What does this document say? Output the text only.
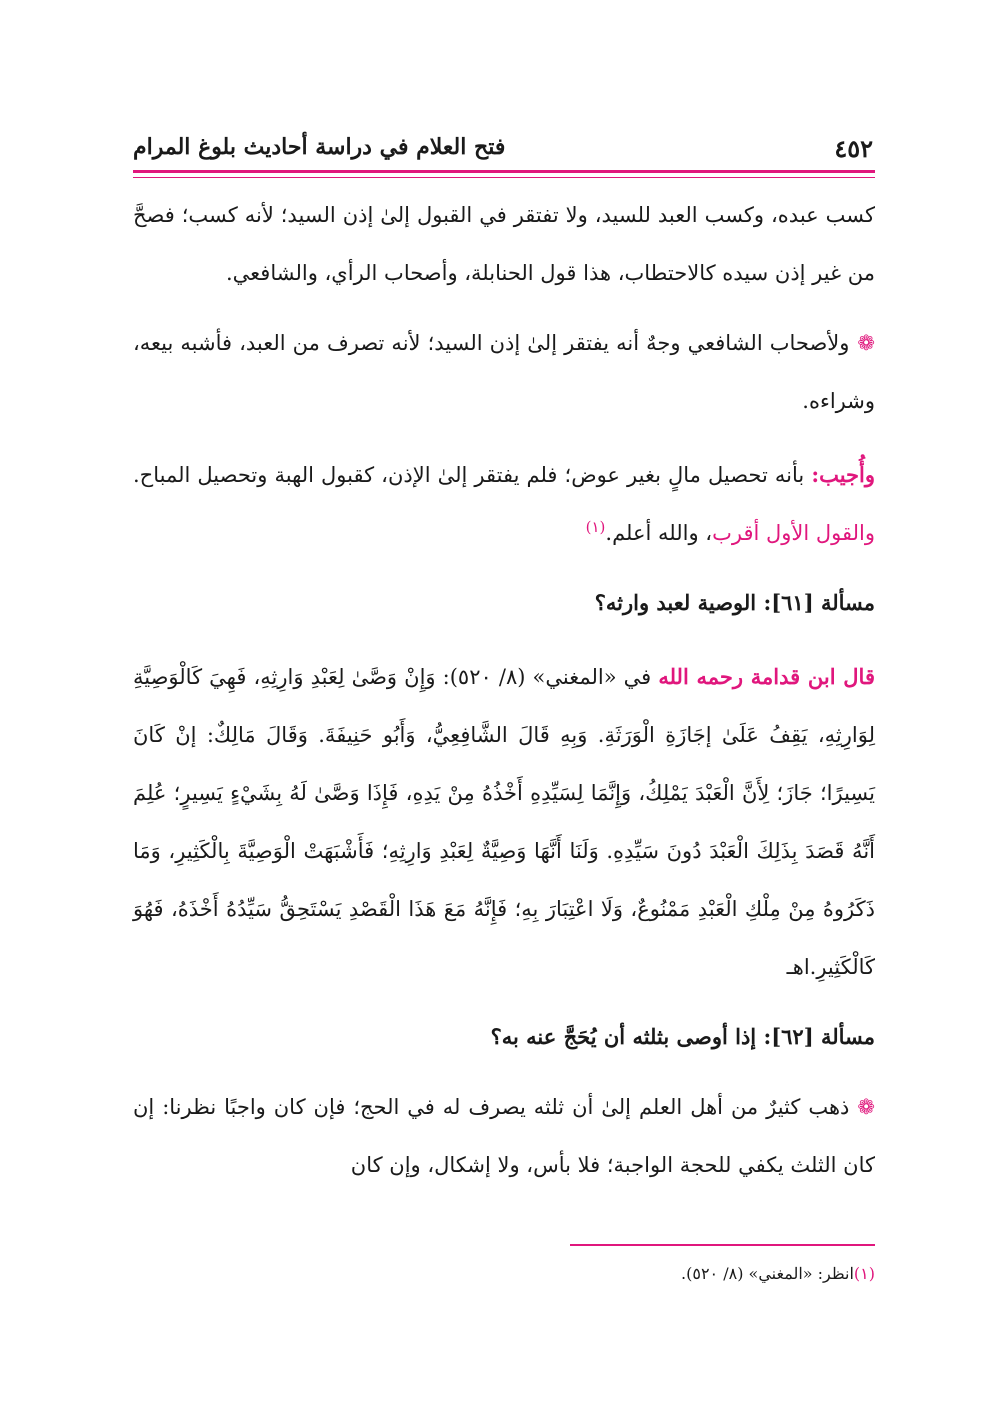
٤٥٢
فتح العلام في دراسة أحاديث بلوغ المرام

كسب عبده، وكسب العبد للسيد، ولا تفتقر في القبول إلىٰ إذن السيد؛ لأنه كسب؛ فصحَّ من غير إذن سيده كالاحتطاب، هذا قول الحنابلة، وأصحاب الرأي، والشافعي.

❁ولأصحاب الشافعي وجهٌ أنه يفتقر إلىٰ إذن السيد؛ لأنه تصرف من العبد، فأشبه بيعه، وشراءه.

وأُجيب: بأنه تحصيل مالٍ بغير عوض؛ فلم يفتقر إلىٰ الإذن، كقبول الهبة وتحصيل المباح. والقول الأول أقرب، والله أعلم.$^{(١)}$

مسألة [٦١]: الوصية لعبد وارثه؟

قال ابن قدامة رحمه الله في «المغني» (٨/ ٥٢٠): وَإِنْ وَصَّىٰ لِعَبْدِ وَارِثِهِ، فَهِيَ كَالْوَصِيَّةِ لِوَارِثِهِ، يَقِفُ عَلَىٰ إجَازَةِ الْوَرَثَةِ. وَبِهِ قَالَ الشَّافِعِيُّ، وَأَبُو حَنِيفَةَ. وَقَالَ مَالِكٌ: إنْ كَانَ يَسِيرًا؛ جَازَ؛ لِأَنَّ الْعَبْدَ يَمْلِكُ، وَإِنَّمَا لِسَيِّدِهِ أَخْذُهُ مِنْ يَدِهِ، فَإِذَا وَصَّىٰ لَهُ بِشَيْءٍ يَسِيرٍ؛ عُلِمَ أَنَّهُ قَصَدَ بِذَلِكَ الْعَبْدَ دُونَ سَيِّدِهِ. وَلَنَا أَنَّهَا وَصِيَّةٌ لِعَبْدِ وَارِثِهِ؛ فَأَشْبَهَتْ الْوَصِيَّةَ بِالْكَثِيرِ، وَمَا ذَكَرُوهُ مِنْ مِلْكِ الْعَبْدِ مَمْنُوعٌ، وَلَا اعْتِبَارَ بِهِ؛ فَإِنَّهُ مَعَ هَذَا الْقَصْدِ يَسْتَحِقُّ سَيِّدُهُ أَخْذَهُ، فَهُوَ كَالْكَثِيرِ.اهـ

مسألة [٦٢]: إذا أوصى بثلثه أن يُحَجَّ عنه به؟

❁ذهب كثيرٌ من أهل العلم إلىٰ أن ثلثه يصرف له في الحج؛ فإن كان واجبًا نظرنا: إن كان الثلث يكفي للحجة الواجبة؛ فلا بأس، ولا إشكال، وإن كان

(١)انظر: «المغني» (٨/ ٥٢٠).
